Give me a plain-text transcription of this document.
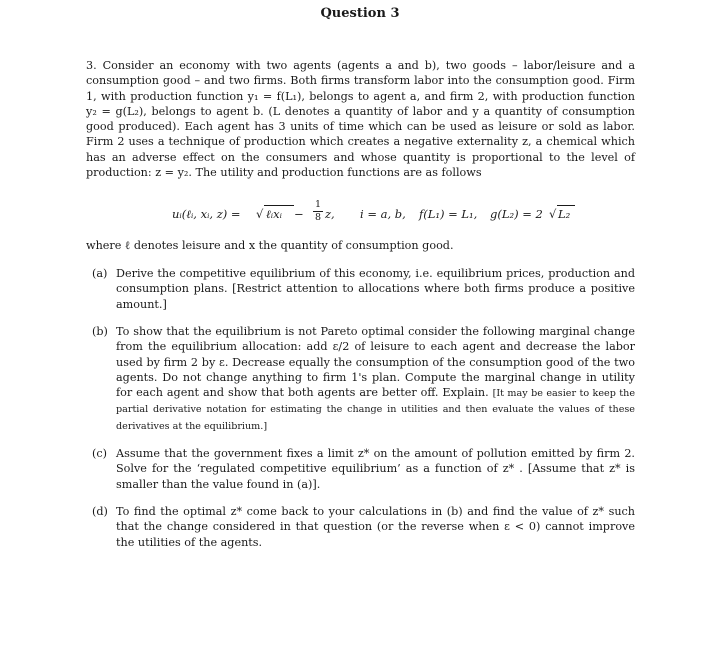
Question 3

3. Consider an economy with two agents (agents a and b), two goods – labor/leisure and a consumption good – and two firms. Both firms transform labor into the consumption good. Firm 1, with production function y₁ = f(L₁), belongs to agent a, and firm 2, with production function y₂ = g(L₂), belongs to agent b. (L denotes a quantity of labor and y a quantity of consumption good produced). Each agent has 3 units of time which can be used as leisure or sold as labor. Firm 2 uses a technique of production which creates a negative externality z, a chemical which has an adverse effect on the consumers and whose quantity is proportional to the level of production: z = y₂. The utility and production functions are as follows

uᵢ(ℓᵢ, xᵢ, z) = √ ℓᵢxᵢ −
1
8 z, i = a, b, f(L₁) = L₁, g(L₂) = 2 √ L₂
where ℓ denotes leisure and x the quantity of consumption good.
(a) Derive the competitive equilibrium of this economy, i.e. equilibrium prices, production and consumption plans. [Restrict attention to allocations where both firms produce a positive amount.]
(b) To show that the equilibrium is not Pareto optimal consider the following marginal change from the equilibrium allocation: add ε/2 of leisure to each agent and decrease the labor used by firm 2 by ε. Decrease equally the consumption of the consumption good of the two agents. Do not change anything to firm 1's plan. Compute the marginal change in utility for each agent and show that both agents are better off. Explain. [It may be easier to keep the partial derivative notation for estimating the change in utilities and then evaluate the values of these derivatives at the equilibrium.]
(c) Assume that the government fixes a limit z* on the amount of pollution emitted by firm 2. Solve for the ‘regulated competitive equilibrium’ as a function of z* . [Assume that z* is smaller than the value found in (a)].
(d) To find the optimal z* come back to your calculations in (b) and find the value of z* such that the change considered in that question (or the reverse when ε < 0) cannot improve the utilities of the agents.
